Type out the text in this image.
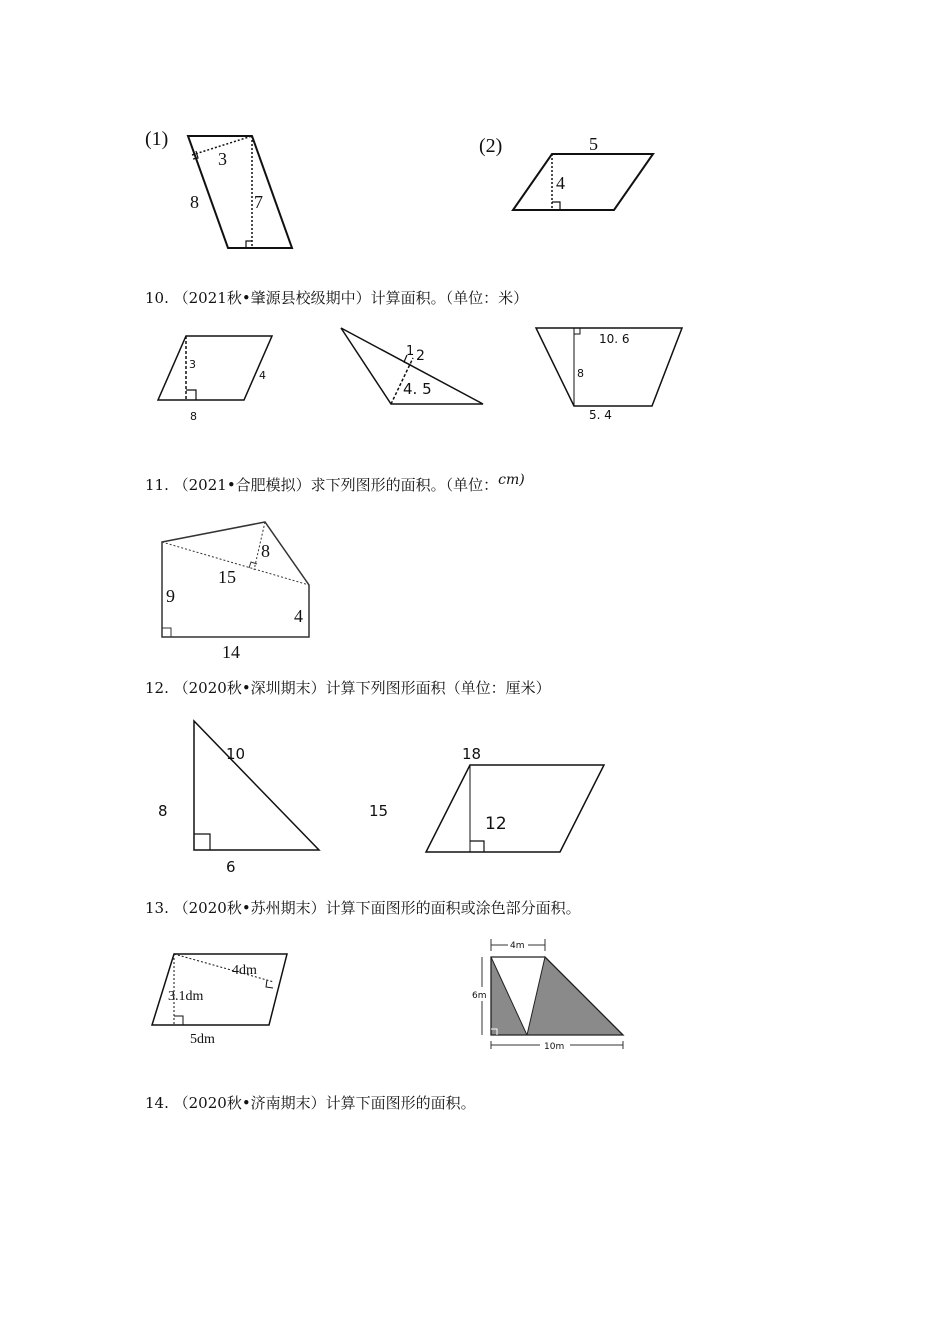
(1)
3
8	7
(2)	5
4
10. （2021秋•肇源县校级期中）计算面积。（单位：米）
3
4
8
1 2
4. 5
10. 6
8
5. 4
11. （2021•合肥模拟）求下列图形的面积。（单位：cm)
8
15
9
4
14
12. （2020秋•深圳期末）计算下列图形面积（单位：厘米）
10
8
6
15
18
12
13. （2020秋•苏州期末）计算下面图形的面积或涂色部分面积。
4dm
3.1dm
5dm
4m
6m
10m
14. （2020秋•济南期末）计算下面图形的面积。
